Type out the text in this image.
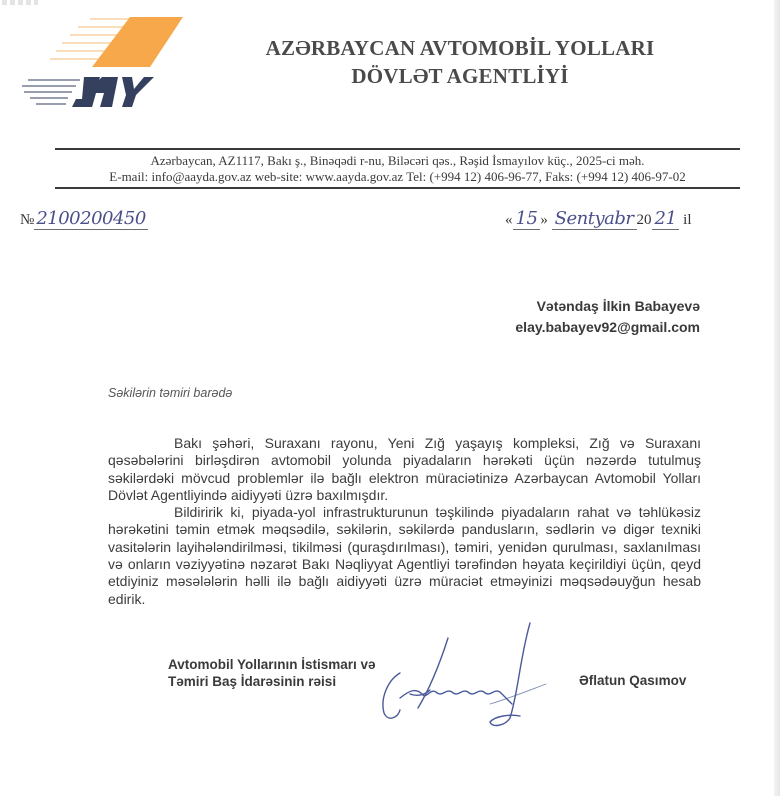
AZƏRBAYCAN AVTOMOBİL YOLLARI
DÖVLƏT AGENTLİYİ
Azərbaycan, AZ1117, Bakı ş., Binəqədi r-nu, Biləcəri qəs., Rəşid İsmayılov küç., 2025-ci məh.
E-mail: info@aayda.gov.az web-site: www.aayda.gov.az Tel: (+994 12) 406-96-77, Faks: (+994 12) 406-97-02
№ 2100200450	« 15 » Sentyabr 20 21 il
Vətəndaş İlkin Babayevə
elay.babayev92@gmail.com
Səkilərin təmiri barədə

Bakı şəhəri, Suraxanı rayonu, Yeni Zığ yaşayış kompleksi, Zığ və Suraxanı qəsəbələrini birləşdirən avtomobil yolunda piyadaların hərəkəti üçün nəzərdə tutulmuş səkilərdəki mövcud problemlər ilə bağlı elektron müraciətinizə Azərbaycan Avtomobil Yolları Dövlət Agentliyində aidiyyəti üzrə baxılmışdır.

Bildiririk ki, piyada-yol infrastrukturunun təşkilində piyadaların rahat və təhlükəsiz hərəkətini təmin etmək məqsədilə, səkilərin, səkilərdə pandusların, sədlərin və digər texniki vasitələrin layihələndirilməsi, tikilməsi (quraşdırılması), təmiri, yenidən qurulması, saxlanılması və onların vəziyyətinə nəzarət Bakı Nəqliyyat Agentliyi tərəfindən həyata keçirildiyi üçün, qeyd etdiyiniz məsələlərin həlli ilə bağlı aidiyyəti üzrə müraciət etməyinizi məqsədəuyğun hesab edirik.

Avtomobil Yollarının İstismarı və
Təmiri Baş İdarəsinin rəisi	Əflatun Qasımov
